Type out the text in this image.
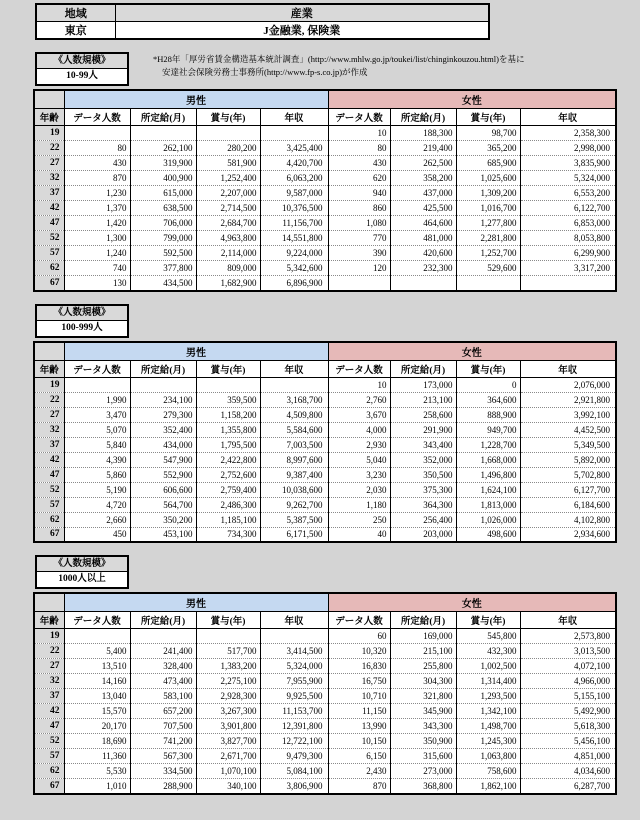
地域	産業
東京	J金融業, 保険業
《人数規模》
10-99人
*H28年「厚労省賃金構造基本統計調査」(http://www.mhlw.go.jp/toukei/list/chinginkouzou.html)を基に
安達社会保険労務士事務所(http://www.fp-s.co.jp)が作成
	男性				女性			
年齢	データ人数	所定給(月)	賞与(年)	年収	データ人数	所定給(月)	賞与(年)	年収
19					10	188,300	98,700	2,358,300
22	80	262,100	280,200	3,425,400	80	219,400	365,200	2,998,000
27	430	319,900	581,900	4,420,700	430	262,500	685,900	3,835,900
32	870	400,900	1,252,400	6,063,200	620	358,200	1,025,600	5,324,000
37	1,230	615,000	2,207,000	9,587,000	940	437,000	1,309,200	6,553,200
42	1,370	638,500	2,714,500	10,376,500	860	425,500	1,016,700	6,122,700
47	1,420	706,000	2,684,700	11,156,700	1,080	464,600	1,277,800	6,853,000
52	1,300	799,000	4,963,800	14,551,800	770	481,000	2,281,800	8,053,800
57	1,240	592,500	2,114,000	9,224,000	390	420,600	1,252,700	6,299,900
62	740	377,800	809,000	5,342,600	120	232,300	529,600	3,317,200
67	130	434,500	1,682,900	6,896,900				
《人数規模》
100-999人
	男性				女性			
年齢	データ人数	所定給(月)	賞与(年)	年収	データ人数	所定給(月)	賞与(年)	年収
19					10	173,000	0	2,076,000
22	1,990	234,100	359,500	3,168,700	2,760	213,100	364,600	2,921,800
27	3,470	279,300	1,158,200	4,509,800	3,670	258,600	888,900	3,992,100
32	5,070	352,400	1,355,800	5,584,600	4,000	291,900	949,700	4,452,500
37	5,840	434,000	1,795,500	7,003,500	2,930	343,400	1,228,700	5,349,500
42	4,390	547,900	2,422,800	8,997,600	5,040	352,000	1,668,000	5,892,000
47	5,860	552,900	2,752,600	9,387,400	3,230	350,500	1,496,800	5,702,800
52	5,190	606,600	2,759,400	10,038,600	2,030	375,300	1,624,100	6,127,700
57	4,720	564,700	2,486,300	9,262,700	1,180	364,300	1,813,000	6,184,600
62	2,660	350,200	1,185,100	5,387,500	250	256,400	1,026,000	4,102,800
67	450	453,100	734,300	6,171,500	40	203,000	498,600	2,934,600
《人数規模》
1000人以上
	男性				女性			
年齢	データ人数	所定給(月)	賞与(年)	年収	データ人数	所定給(月)	賞与(年)	年収
19					60	169,000	545,800	2,573,800
22	5,400	241,400	517,700	3,414,500	10,320	215,100	432,300	3,013,500
27	13,510	328,400	1,383,200	5,324,000	16,830	255,800	1,002,500	4,072,100
32	14,160	473,400	2,275,100	7,955,900	16,750	304,300	1,314,400	4,966,000
37	13,040	583,100	2,928,300	9,925,500	10,710	321,800	1,293,500	5,155,100
42	15,570	657,200	3,267,300	11,153,700	11,150	345,900	1,342,100	5,492,900
47	20,170	707,500	3,901,800	12,391,800	13,990	343,300	1,498,700	5,618,300
52	18,690	741,200	3,827,700	12,722,100	10,150	350,900	1,245,300	5,456,100
57	11,360	567,300	2,671,700	9,479,300	6,150	315,600	1,063,800	4,851,000
62	5,530	334,500	1,070,100	5,084,100	2,430	273,000	758,600	4,034,600
67	1,010	288,900	340,100	3,806,900	870	368,800	1,862,100	6,287,700
